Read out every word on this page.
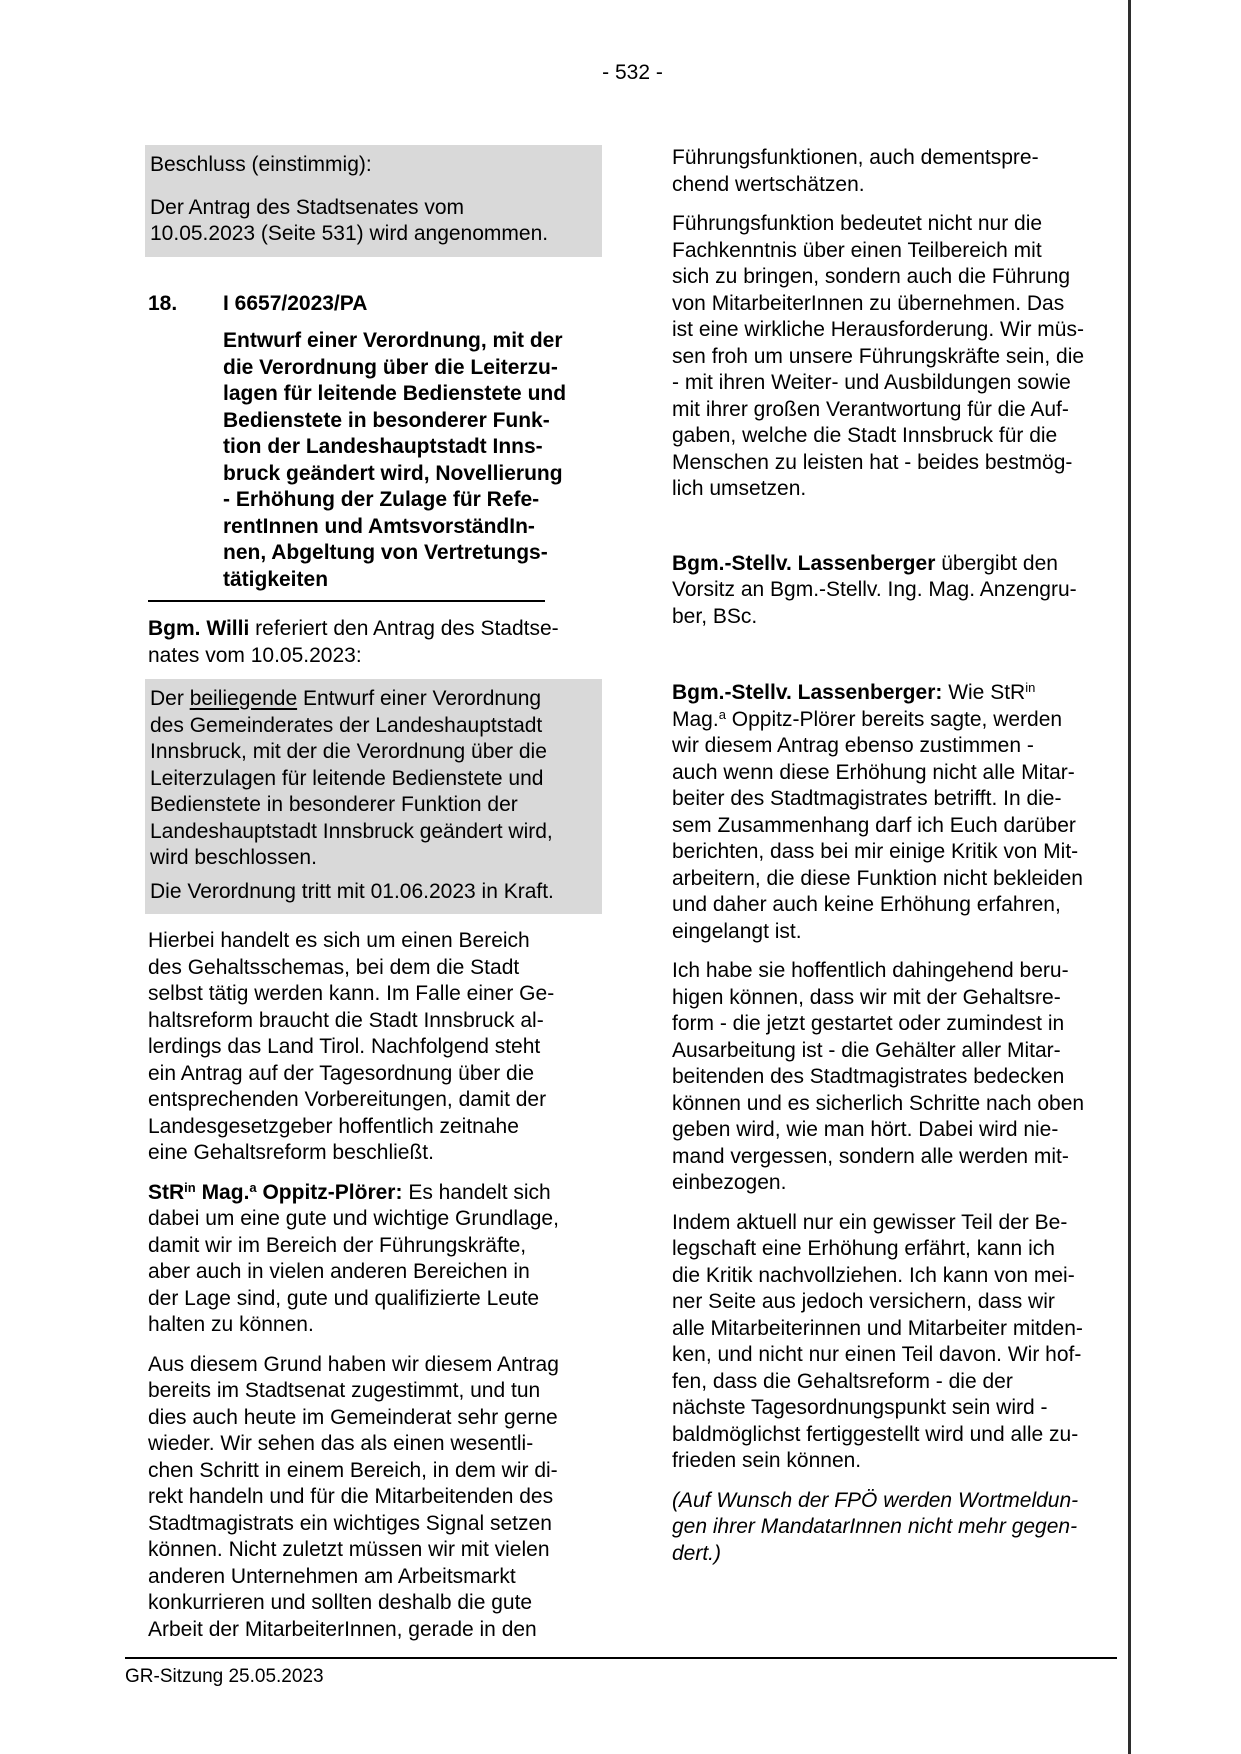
- 532 -
Beschluss (einstimmig):
Der Antrag des Stadtsenates vom
10.05.2023 (Seite 531) wird angenommen.
18.	I 6657/2023/PA
Entwurf einer Verordnung, mit der
die Verordnung über die Leiterzu-
lagen für leitende Bedienstete und
Bedienstete in besonderer Funk-
tion der Landeshauptstadt Inns-
bruck geändert wird, Novellierung
- Erhöhung der Zulage für Refe-
rentInnen und AmtsvorständIn-
nen, Abgeltung von Vertretungs-
tätigkeiten
Bgm. Willi referiert den Antrag des Stadtse-
nates vom 10.05.2023:
Der beiliegende Entwurf einer Verordnung
des Gemeinderates der Landeshauptstadt
Innsbruck, mit der die Verordnung über die
Leiterzulagen für leitende Bedienstete und
Bedienstete in besonderer Funktion der
Landeshauptstadt Innsbruck geändert wird,
wird beschlossen.
Die Verordnung tritt mit 01.06.2023 in Kraft.
Hierbei handelt es sich um einen Bereich
des Gehaltsschemas, bei dem die Stadt
selbst tätig werden kann. Im Falle einer Ge-
haltsreform braucht die Stadt Innsbruck al-
lerdings das Land Tirol. Nachfolgend steht
ein Antrag auf der Tagesordnung über die
entsprechenden Vorbereitungen, damit der
Landesgesetzgeber hoffentlich zeitnahe
eine Gehaltsreform beschließt.
StR$^{in}$ Mag.$^a$ Oppitz-Plörer: Es handelt sich
dabei um eine gute und wichtige Grundlage,
damit wir im Bereich der Führungskräfte,
aber auch in vielen anderen Bereichen in
der Lage sind, gute und qualifizierte Leute
halten zu können.
Aus diesem Grund haben wir diesem Antrag
bereits im Stadtsenat zugestimmt, und tun
dies auch heute im Gemeinderat sehr gerne
wieder. Wir sehen das als einen wesentli-
chen Schritt in einem Bereich, in dem wir di-
rekt handeln und für die Mitarbeitenden des
Stadtmagistrats ein wichtiges Signal setzen
können. Nicht zuletzt müssen wir mit vielen
anderen Unternehmen am Arbeitsmarkt
konkurrieren und sollten deshalb die gute
Arbeit der MitarbeiterInnen, gerade in den
Führungsfunktionen, auch dementspre-
chend wertschätzen.
Führungsfunktion bedeutet nicht nur die
Fachkenntnis über einen Teilbereich mit
sich zu bringen, sondern auch die Führung
von MitarbeiterInnen zu übernehmen. Das
ist eine wirkliche Herausforderung. Wir müs-
sen froh um unsere Führungskräfte sein, die
- mit ihren Weiter- und Ausbildungen sowie
mit ihrer großen Verantwortung für die Auf-
gaben, welche die Stadt Innsbruck für die
Menschen zu leisten hat - beides bestmög-
lich umsetzen.
Bgm.-Stellv. Lassenberger übergibt den
Vorsitz an Bgm.-Stellv. Ing. Mag. Anzengru-
ber, BSc.
Bgm.-Stellv. Lassenberger: Wie StR$^{in}$
Mag.$^a$ Oppitz-Plörer bereits sagte, werden
wir diesem Antrag ebenso zustimmen -
auch wenn diese Erhöhung nicht alle Mitar-
beiter des Stadtmagistrates betrifft. In die-
sem Zusammenhang darf ich Euch darüber
berichten, dass bei mir einige Kritik von Mit-
arbeitern, die diese Funktion nicht bekleiden
und daher auch keine Erhöhung erfahren,
eingelangt ist.
Ich habe sie hoffentlich dahingehend beru-
higen können, dass wir mit der Gehaltsre-
form - die jetzt gestartet oder zumindest in
Ausarbeitung ist - die Gehälter aller Mitar-
beitenden des Stadtmagistrates bedecken
können und es sicherlich Schritte nach oben
geben wird, wie man hört. Dabei wird nie-
mand vergessen, sondern alle werden mit-
einbezogen.
Indem aktuell nur ein gewisser Teil der Be-
legschaft eine Erhöhung erfährt, kann ich
die Kritik nachvollziehen. Ich kann von mei-
ner Seite aus jedoch versichern, dass wir
alle Mitarbeiterinnen und Mitarbeiter mitden-
ken, und nicht nur einen Teil davon. Wir hof-
fen, dass die Gehaltsreform - die der
nächste Tagesordnungspunkt sein wird -
baldmöglichst fertiggestellt wird und alle zu-
frieden sein können.
(Auf Wunsch der FPÖ werden Wortmeldun-
gen ihrer MandatarInnen nicht mehr gegen-
dert.)
GR-Sitzung 25.05.2023
